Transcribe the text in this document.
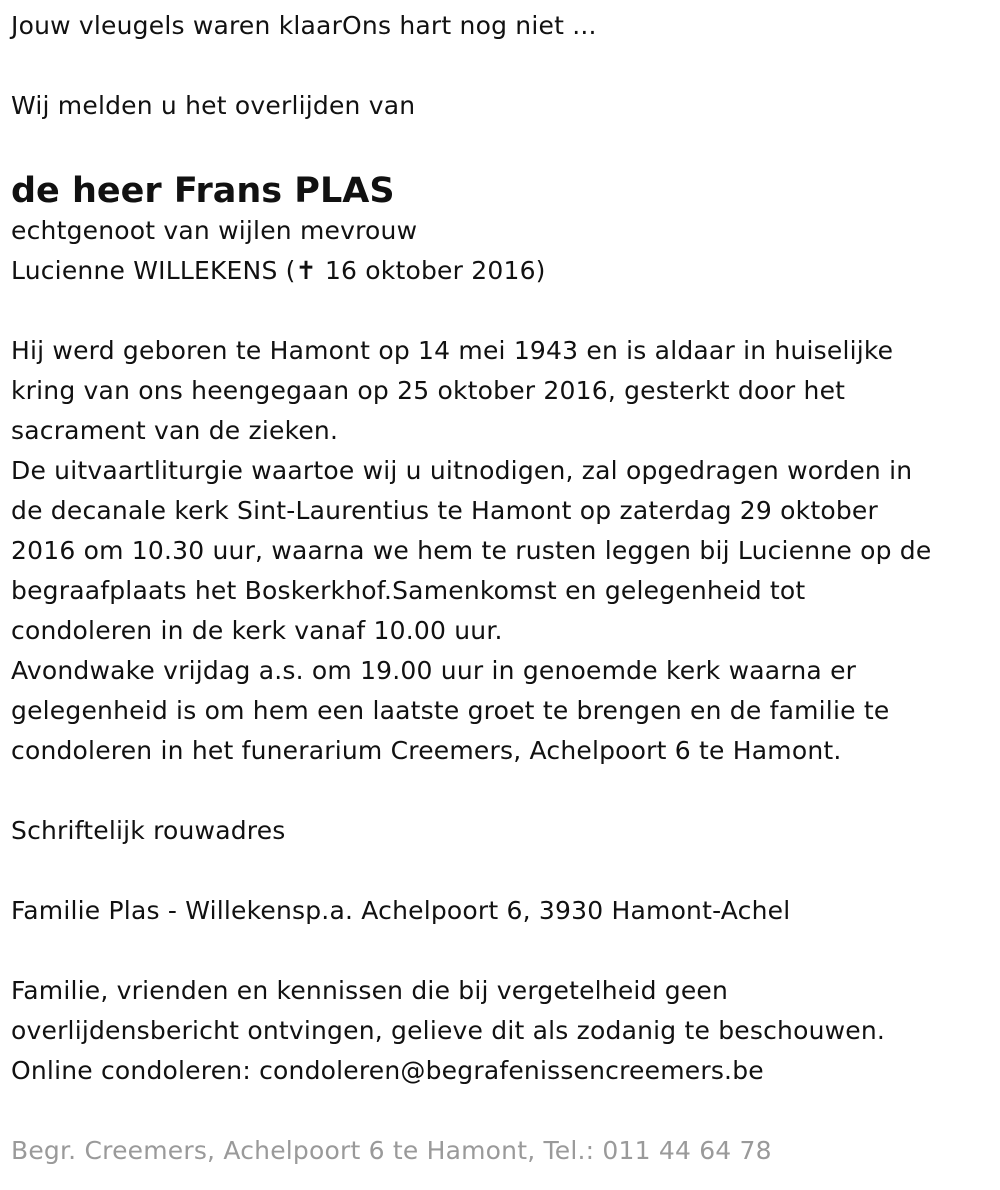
Jouw vleugels waren klaarOns hart nog niet ...
Wij melden u het overlijden van
de heer Frans PLAS
echtgenoot van wijlen mevrouw
Lucienne WILLEKENS (✝ 16 oktober 2016)
Hij werd geboren te Hamont op 14 mei 1943 en is aldaar in huiselijke
kring van ons heengegaan op 25 oktober 2016, gesterkt door het
sacrament van de zieken.
De uitvaartliturgie waartoe wij u uitnodigen, zal opgedragen worden in
de decanale kerk Sint-Laurentius te Hamont op zaterdag 29 oktober
2016 om 10.30 uur, waarna we hem te rusten leggen bij Lucienne op de
begraafplaats het Boskerkhof.Samenkomst en gelegenheid tot
condoleren in de kerk vanaf 10.00 uur.
Avondwake vrijdag a.s. om 19.00 uur in genoemde kerk waarna er
gelegenheid is om hem een laatste groet te brengen en de familie te
condoleren in het funerarium Creemers, Achelpoort 6 te Hamont.
Schriftelijk rouwadres
Familie Plas - Willekensp.a. Achelpoort 6, 3930 Hamont-Achel
Familie, vrienden en kennissen die bij vergetelheid geen
overlijdensbericht ontvingen, gelieve dit als zodanig te beschouwen.
Online condoleren: condoleren@begrafenissencreemers.be
Begr. Creemers, Achelpoort 6 te Hamont, Tel.: 011 44 64 78
